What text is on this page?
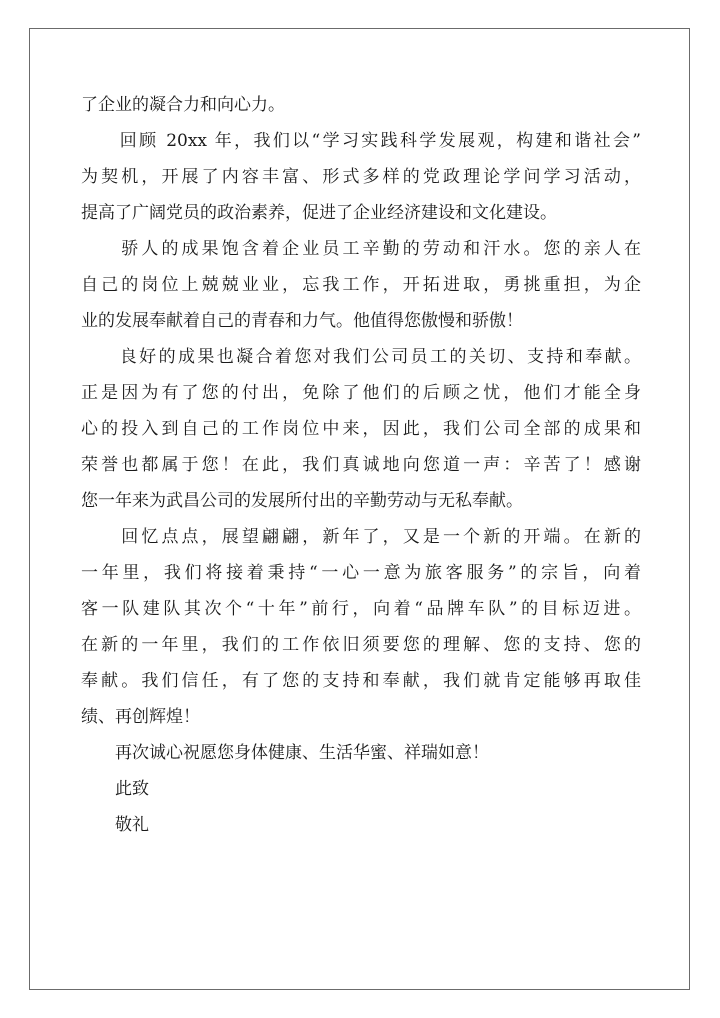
了企业的凝合力和向心力。
　　回顾 20xx 年，我们以“学习实践科学发展观，构建和谐社会”
为契机，开展了内容丰富、形式多样的党政理论学问学习活动，
提高了广阔党员的政治素养，促进了企业经济建设和文化建设。
　　骄人的成果饱含着企业员工辛勤的劳动和汗水。您的亲人在
自己的岗位上兢兢业业，忘我工作，开拓进取，勇挑重担，为企
业的发展奉献着自己的青春和力气。他值得您傲慢和骄傲！
　　良好的成果也凝合着您对我们公司员工的关切、支持和奉献。
正是因为有了您的付出，免除了他们的后顾之忧，他们才能全身
心的投入到自己的工作岗位中来，因此，我们公司全部的成果和
荣誉也都属于您！在此，我们真诚地向您道一声：辛苦了！感谢
您一年来为武昌公司的发展所付出的辛勤劳动与无私奉献。
　　回忆点点，展望翩翩，新年了，又是一个新的开端。在新的
一年里，我们将接着秉持“一心一意为旅客服务”的宗旨，向着
客一队建队其次个“十年”前行，向着“品牌车队”的目标迈进。
在新的一年里，我们的工作依旧须要您的理解、您的支持、您的
奉献。我们信任，有了您的支持和奉献，我们就肯定能够再取佳
绩、再创辉煌！
　　再次诚心祝愿您身体健康、生活华蜜、祥瑞如意！
　　此致
　　敬礼
